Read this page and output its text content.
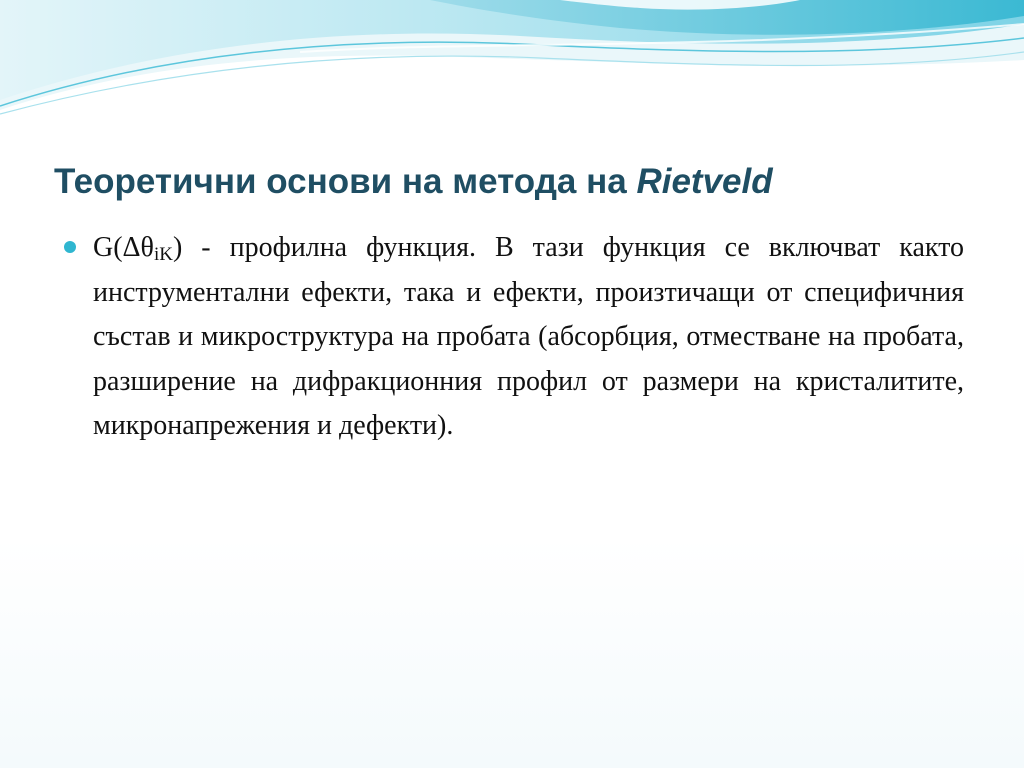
Теоретични основи на метода на Rietveld
$G(\Delta\theta_{iK})$ - профилна функция. В тази функция се включват както инструментални ефекти, така и ефекти, произтичащи от специфичния състав и микроструктура на пробата (абсорбция, отместване на пробата, разширение на дифракционния профил от размери на кристалитите, микронапрежения и дефекти).
